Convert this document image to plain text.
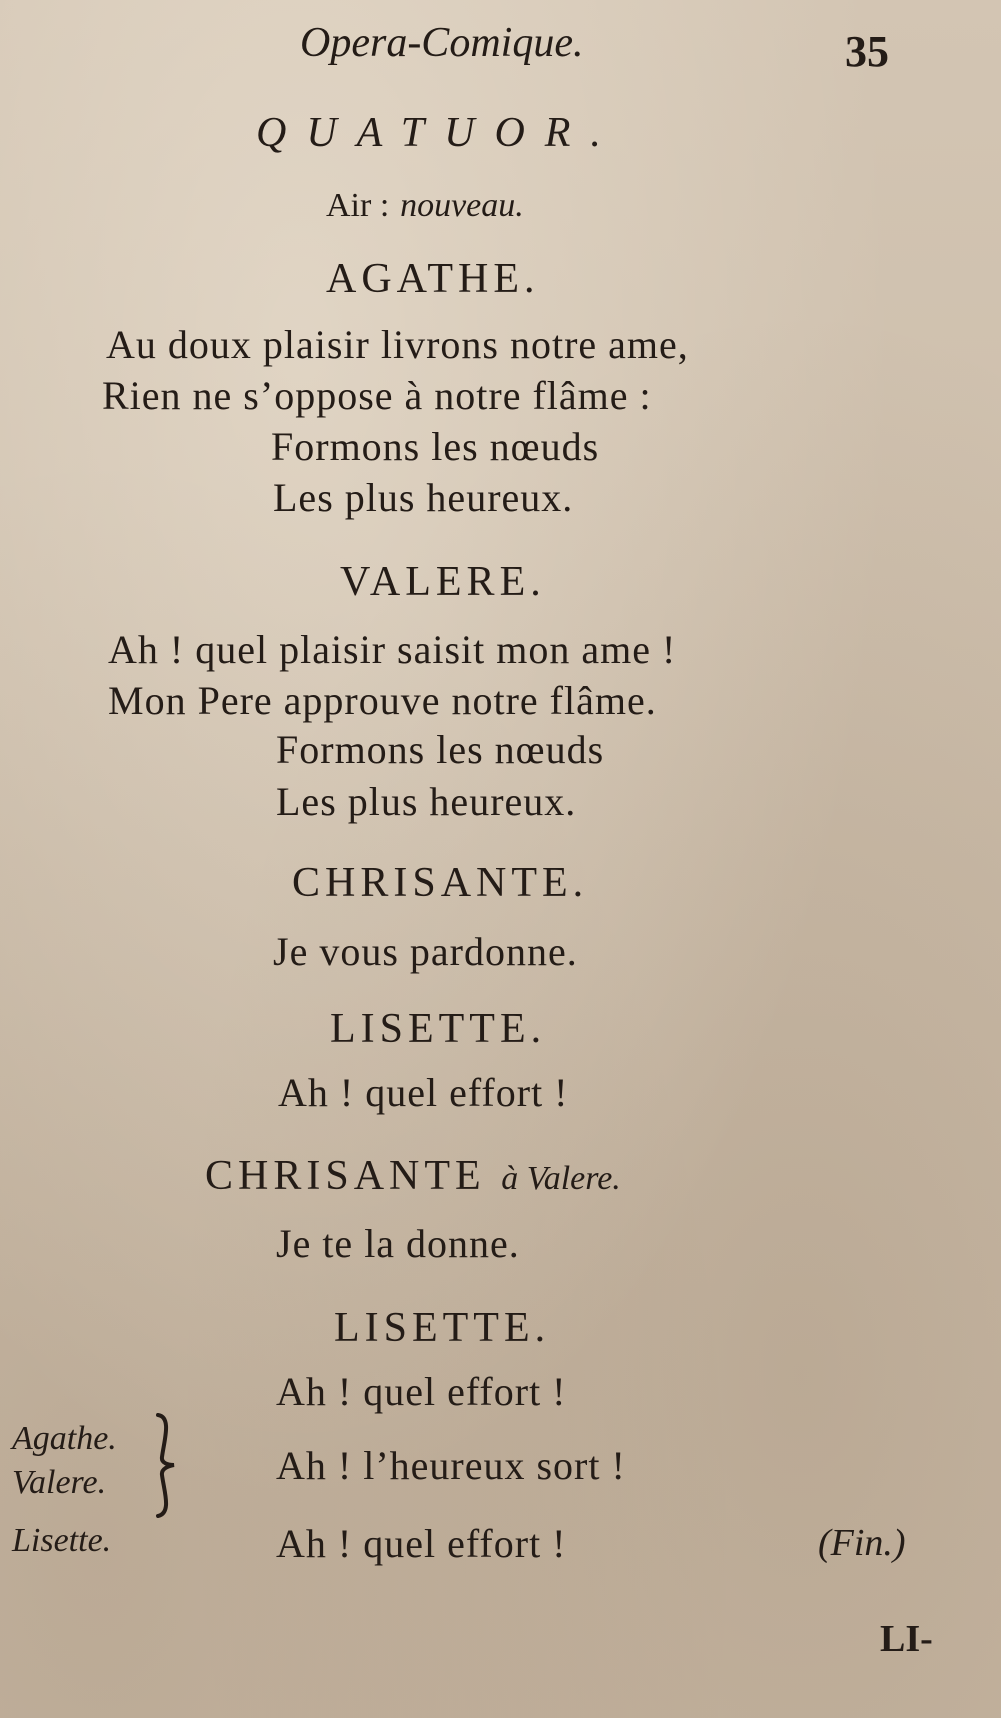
Opera-Comique.	35
QUATUOR.
Air : nouveau.
AGATHE.
Au doux plaisir livrons notre ame,
Rien ne s’oppose à notre flâme :
Formons les nœuds
Les plus heureux.
VALERE.
Ah ! quel plaisir saisit mon ame !
Mon Pere approuve notre flâme.
Formons les nœuds
Les plus heureux.
CHRISANTE.
Je vous pardonne.
LISETTE.
Ah ! quel effort !
CHRISANTE à Valere.
Je te la donne.
LISETTE.
Ah ! quel effort !
Agathe.
Valere.
Lisette.
Ah ! l’heureux sort !
Ah ! quel effort !	(Fin.)
LI-
